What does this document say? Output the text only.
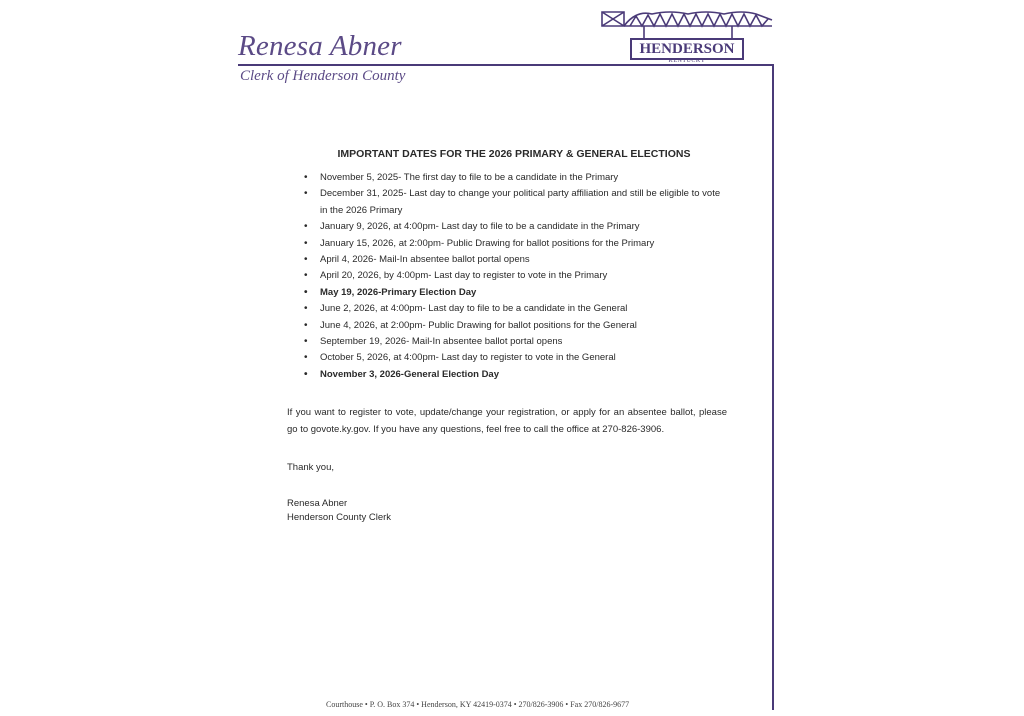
Renesa Abner
Clerk of Henderson County
HENDERSON
KENTUCKY
IMPORTANT DATES FOR THE 2026 PRIMARY & GENERAL ELECTIONS
• November 5, 2025- The first day to file to be a candidate in the Primary
• December 31, 2025- Last day to change your political party affiliation and still be eligible to vote in the 2026 Primary
• January 9, 2026, at 4:00pm- Last day to file to be a candidate in the Primary
• January 15, 2026, at 2:00pm- Public Drawing for ballot positions for the Primary
• April 4, 2026- Mail-In absentee ballot portal opens
• April 20, 2026, by 4:00pm- Last day to register to vote in the Primary
• May 19, 2026-Primary Election Day
• June 2, 2026, at 4:00pm- Last day to file to be a candidate in the General
• June 4, 2026, at 2:00pm- Public Drawing for ballot positions for the General
• September 19, 2026- Mail-In absentee ballot portal opens
• October 5, 2026, at 4:00pm- Last day to register to vote in the General
• November 3, 2026-General Election Day
If you want to register to vote, update/change your registration, or apply for an absentee ballot, please go to govote.ky.gov. If you have any questions, feel free to call the office at 270-826-3906.
Thank you,
Renesa Abner
Henderson County Clerk
Courthouse • P. O. Box 374 • Henderson, KY 42419-0374 • 270/826-3906 • Fax 270/826-9677
